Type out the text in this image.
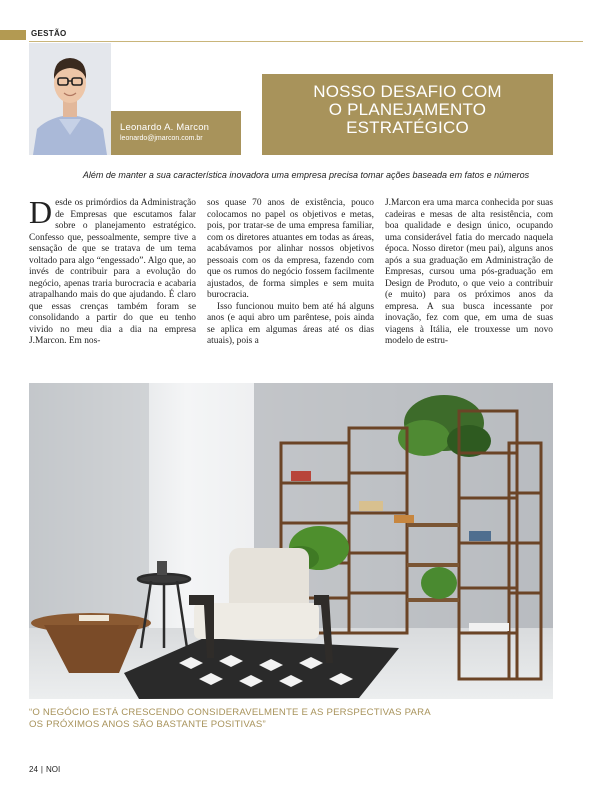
GESTÃO
Leonardo A. Marcon
leonardo@jmarcon.com.br
NOSSO DESAFIO COM
O PLANEJAMENTO
ESTRATÉGICO
Além de manter a sua característica inovadora uma empresa precisa tomar ações baseada em fatos e números

Desde os primórdios da Administração de Empresas que escutamos falar sobre o planejamento estratégico. Confesso que, pessoalmente, sempre tive a sensação de que se tratava de um tema voltado para algo “engessado”. Algo que, ao invés de contribuir para a evolução do negócio, apenas traria burocracia e acabaria atrapalhando mais do que ajudando. É claro que essas crenças também foram se consolidando a partir do que eu tenho vivido no meu dia a dia na empresa J.Marcon. Em nos-

sos quase 70 anos de existência, pouco colocamos no papel os objetivos e metas, pois, por tratar-se de uma empresa familiar, com os diretores atuantes em todas as áreas, acabávamos por alinhar nossos objetivos pessoais com os da empresa, fazendo com que os rumos do negócio fossem facilmente ajustados, de forma simples e sem muita burocracia.

Isso funcionou muito bem até há alguns anos (e aqui abro um parêntese, pois ainda se aplica em algumas áreas até os dias atuais), pois a

J.Marcon era uma marca conhecida por suas cadeiras e mesas de alta resistência, com boa qualidade e design único, ocupando uma considerável fatia do mercado naquela época. Nosso diretor (meu pai), alguns anos após a sua graduação em Administração de Empresas, cursou uma pós-graduação em Design de Produto, o que veio a contribuir (e muito) para os próximos anos da empresa. A sua busca incessante por inovação, fez com que, em uma de suas viagens à Itália, ele trouxesse um novo modelo de estru-

“O NEGÓCIO ESTÁ CRESCENDO CONSIDERAVELMENTE E AS PERSPECTIVAS PARA
OS PRÓXIMOS ANOS SÃO BASTANTE POSITIVAS”
24 | NOI
